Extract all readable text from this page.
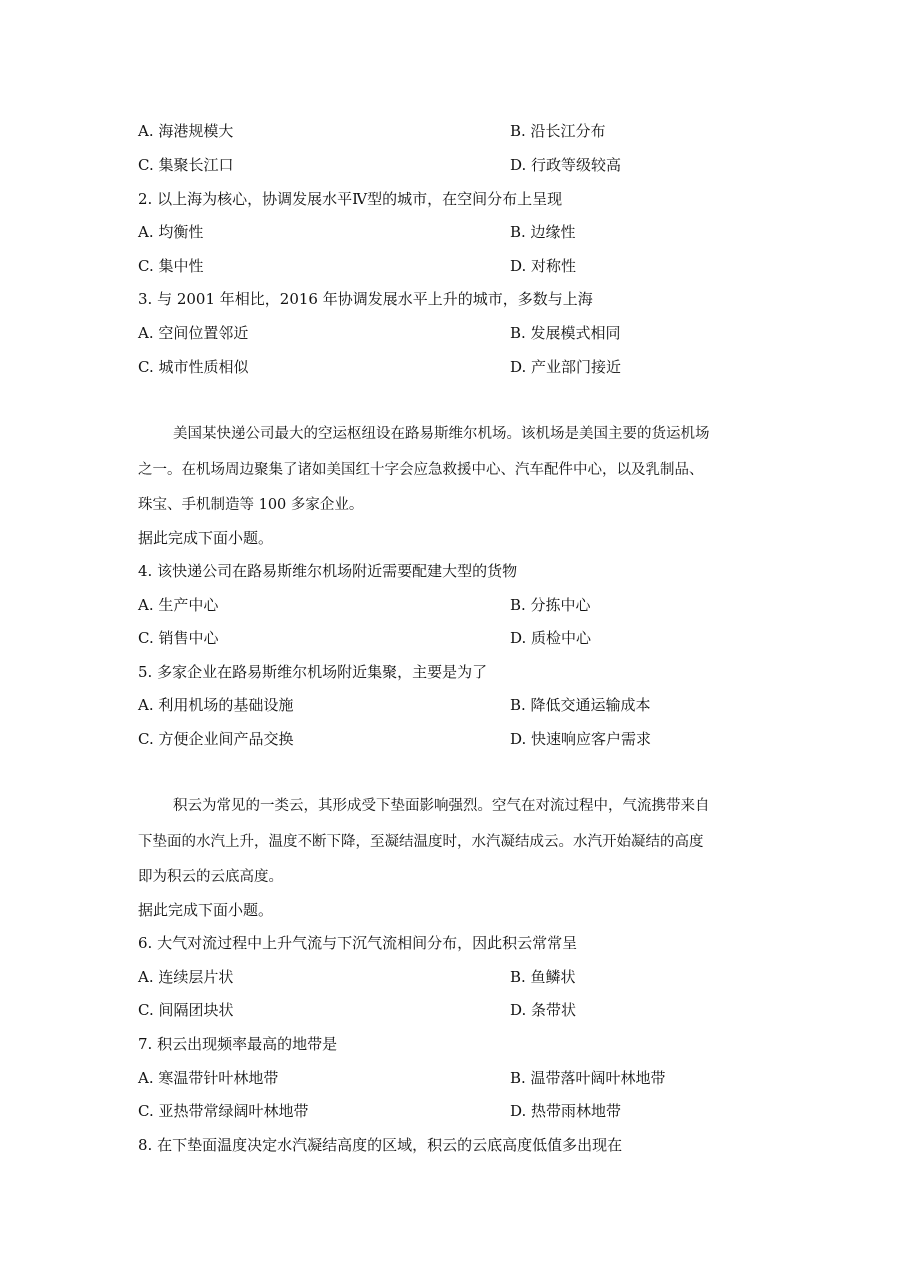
A. 海港规模大	B. 沿长江分布
C. 集聚长江口	D. 行政等级较高
2. 以上海为核心，协调发展水平Ⅳ型的城市，在空间分布上呈现
A. 均衡性	B. 边缘性
C. 集中性	D. 对称性
3. 与 2001 年相比，2016 年协调发展水平上升的城市，多数与上海
A. 空间位置邻近	B. 发展模式相同
C. 城市性质相似	D. 产业部门接近
美国某快递公司最大的空运枢纽设在路易斯维尔机场。该机场是美国主要的货运机场
之一。在机场周边聚集了诸如美国红十字会应急救援中心、汽车配件中心，以及乳制品、
珠宝、手机制造等 100 多家企业。
据此完成下面小题。
4. 该快递公司在路易斯维尔机场附近需要配建大型的货物
A. 生产中心	B. 分拣中心
C. 销售中心	D. 质检中心
5. 多家企业在路易斯维尔机场附近集聚，主要是为了
A. 利用机场的基础设施	B. 降低交通运输成本
C. 方便企业间产品交换	D. 快速响应客户需求
积云为常见的一类云，其形成受下垫面影响强烈。空气在对流过程中，气流携带来自
下垫面的水汽上升，温度不断下降，至凝结温度时，水汽凝结成云。水汽开始凝结的高度
即为积云的云底高度。
据此完成下面小题。
6. 大气对流过程中上升气流与下沉气流相间分布，因此积云常常呈
A. 连续层片状	B. 鱼鳞状
C. 间隔团块状	D. 条带状
7. 积云出现频率最高的地带是
A. 寒温带针叶林地带	B. 温带落叶阔叶林地带
C. 亚热带常绿阔叶林地带	D. 热带雨林地带
8. 在下垫面温度决定水汽凝结高度的区域，积云的云底高度低值多出现在
